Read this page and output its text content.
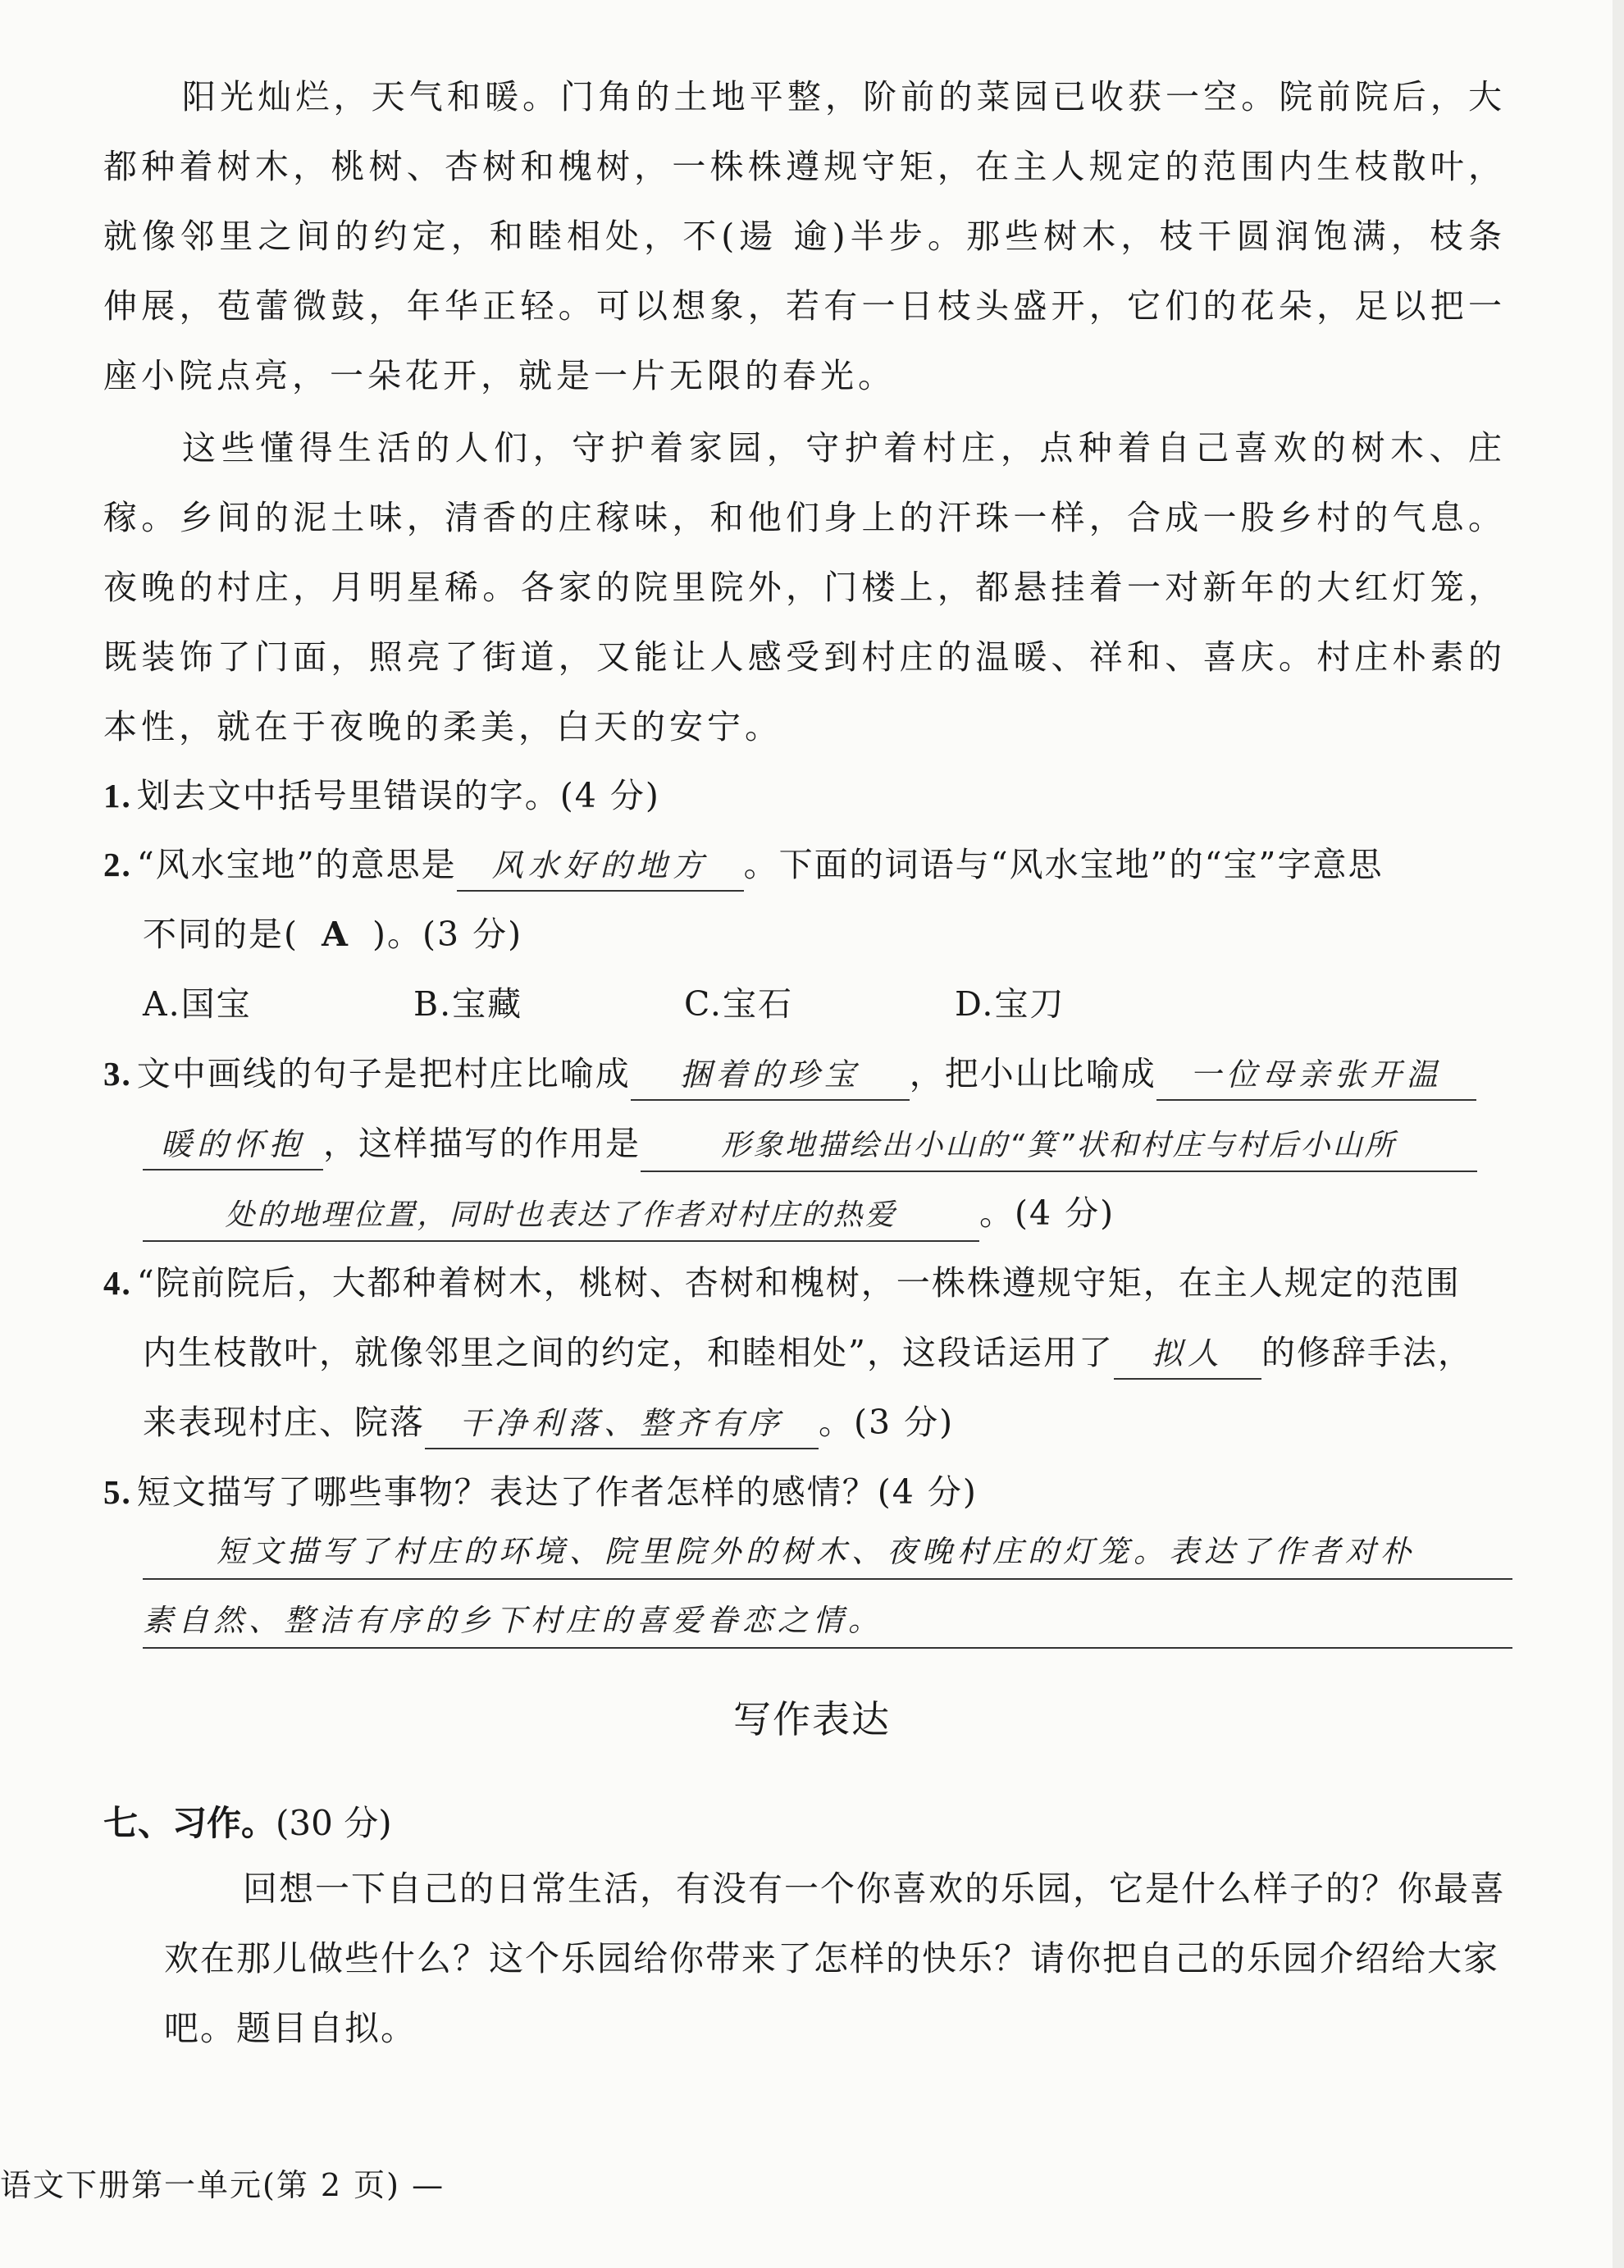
阳光灿烂，天气和暖。门角的土地平整，阶前的菜园已收获一空。院前院后，大都种着树木，桃树、杏树和槐树，一株株遵规守矩，在主人规定的范围内生枝散叶，就像邻里之间的约定，和睦相处，不(逿 逾)半步。那些树木，枝干圆润饱满，枝条伸展，苞蕾微鼓，年华正轻。可以想象，若有一日枝头盛开，它们的花朵，足以把一座小院点亮，一朵花开，就是一片无限的春光。

这些懂得生活的人们，守护着家园，守护着村庄，点种着自己喜欢的树木、庄稼。乡间的泥土味，清香的庄稼味，和他们身上的汗珠一样，合成一股乡村的气息。夜晚的村庄，月明星稀。各家的院里院外，门楼上，都悬挂着一对新年的大红灯笼，既装饰了门面，照亮了街道，又能让人感受到村庄的温暖、祥和、喜庆。村庄朴素的本性，就在于夜晚的柔美，白天的安宁。

1. 划去文中括号里错误的字。(4 分)

2. “风水宝地”的意思是 风水好的地方 。下面的词语与“风水宝地”的“宝”字意思

不同的是( A )。(3 分)

A.国宝	B.宝藏	C.宝石	D.宝刀

3. 文中画线的句子是把村庄比喻成 捆着的珍宝 ，把小山比喻成 一位母亲张开温

暖的怀抱 ，这样描写的作用是	形象地描绘出小山的“箕”状和村庄与村后小山所

处的地理位置，同时也表达了作者对村庄的热爱 。(4 分)

4. “院前院后，大都种着树木，桃树、杏树和槐树，一株株遵规守矩，在主人规定的范围

内生枝散叶，就像邻里之间的约定，和睦相处”，这段话运用了 拟人 的修辞手法，

来表现村庄、院落 干净利落、整齐有序 。(3 分)

5. 短文描写了哪些事物？表达了作者怎样的感情？(4 分)

短文描写了村庄的环境、院里院外的树木、夜晚村庄的灯笼。表达了作者对朴
素自然、整洁有序的乡下村庄的喜爱眷恋之情。
写作表达
七、习作。(30 分)

回想一下自己的日常生活，有没有一个你喜欢的乐园，它是什么样子的？你最喜欢在那儿做些什么？这个乐园给你带来了怎样的快乐？请你把自己的乐园介绍给大家吧。题目自拟。

语文下册第一单元(第 2 页) —
